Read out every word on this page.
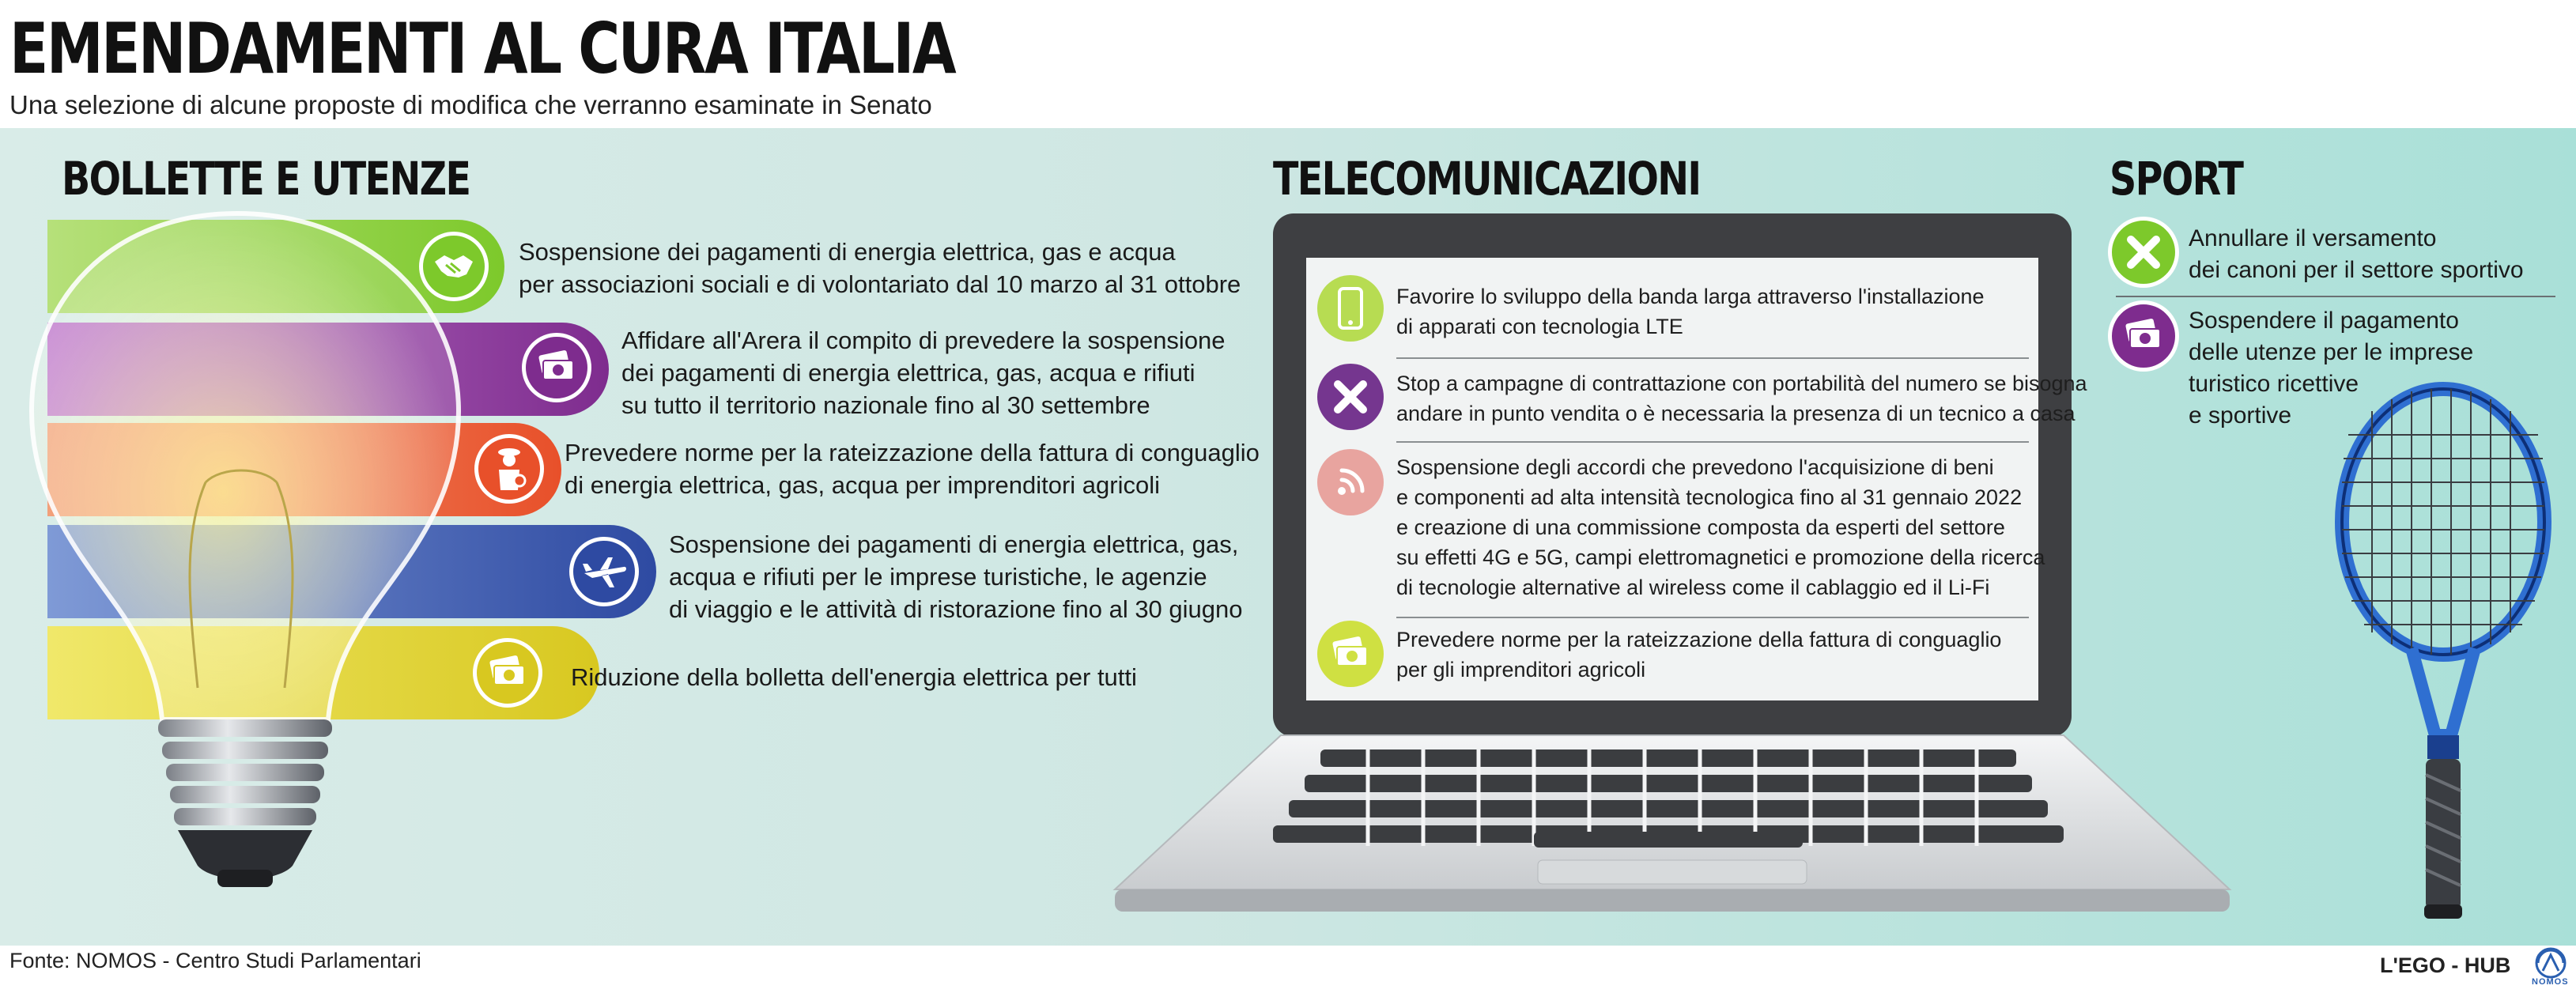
EMENDAMENTI AL CURA ITALIA
Una selezione di alcune proposte di modifica che verranno esaminate in Senato
BOLLETTE E UTENZE
Sospensione dei pagamenti di energia elettrica, gas e acqua
per associazioni sociali e di volontariato dal 10 marzo al 31 ottobre
Affidare all'Arera il compito di prevedere la sospensione
dei pagamenti di energia elettrica, gas, acqua e rifiuti
su tutto il territorio nazionale fino al 30 settembre
Prevedere norme per la rateizzazione della fattura di conguaglio
di energia elettrica, gas, acqua per imprenditori agricoli
Sospensione dei pagamenti di energia elettrica, gas,
acqua e rifiuti per le imprese turistiche, le agenzie
di viaggio e le attività di ristorazione fino al 30 giugno
Riduzione della bolletta dell'energia elettrica per tutti
TELECOMUNICAZIONI
Favorire lo sviluppo della banda larga attraverso l'installazione
di apparati con tecnologia LTE
Stop a campagne di contrattazione con portabilità del numero se bisogna
andare in punto vendita o è necessaria la presenza di un tecnico a casa
Sospensione degli accordi che prevedono l'acquisizione di beni
e componenti ad alta intensità tecnologica fino al 31 gennaio 2022
e creazione di una commissione composta da esperti del settore
su effetti 4G e 5G, campi elettromagnetici e promozione della ricerca
di tecnologie alternative al wireless come il cablaggio ed il Li-Fi
Prevedere norme per la rateizzazione della fattura di conguaglio
per gli imprenditori agricoli
SPORT
Annullare il versamento
dei canoni per il settore sportivo
Sospendere il pagamento
delle utenze per le imprese
turistico ricettive
e sportive
Fonte: NOMOS - Centro Studi Parlamentari	L'EGO - HUB
NOMOS
